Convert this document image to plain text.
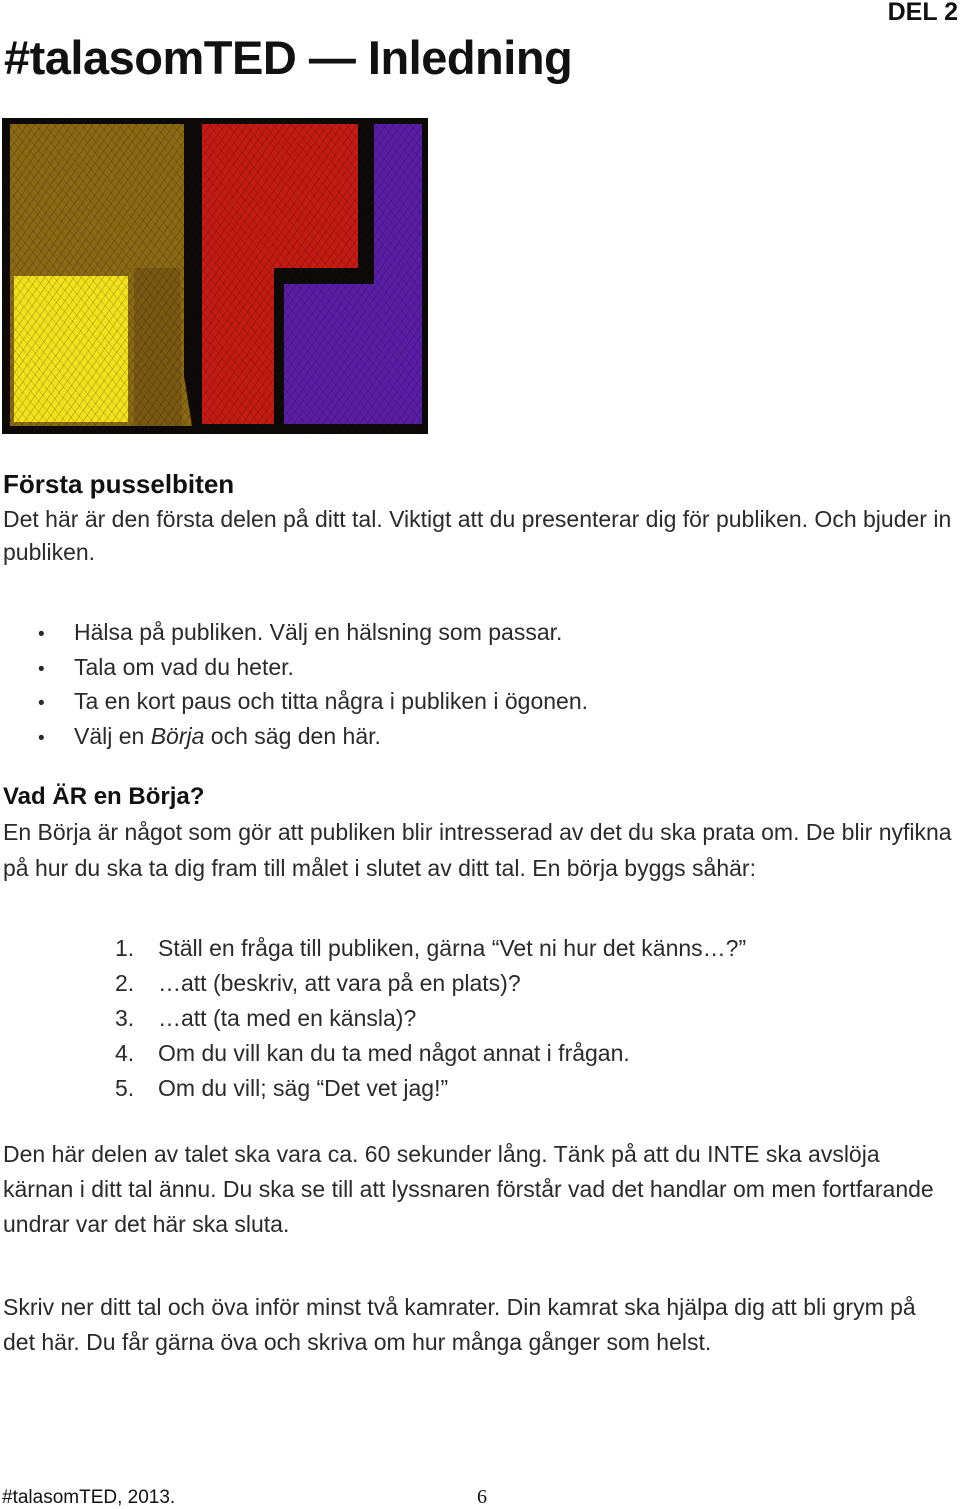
DEL 2
#talasomTED — Inledning
Första pusselbiten
Det här är den första delen på ditt tal. Viktigt att du presenterar dig för publiken. Och bjuder in publiken.
• Hälsa på publiken. Välj en hälsning som passar.
• Tala om vad du heter.
• Ta en kort paus och titta några i publiken i ögonen.
• Välj en Börja och säg den här.
Vad ÄR en Börja?
En Börja är något som gör att publiken blir intresserad av det du ska prata om. De blir nyfikna på hur du ska ta dig fram till målet i slutet av ditt tal. En börja byggs såhär:
1. Ställ en fråga till publiken, gärna “Vet ni hur det känns…?”
2. …att (beskriv, att vara på en plats)?
3. …att (ta med en känsla)?
4. Om du vill kan du ta med något annat i frågan.
5. Om du vill; säg “Det vet jag!”
Den här delen av talet ska vara ca. 60 sekunder lång. Tänk på att du INTE ska avslöja kärnan i ditt tal ännu. Du ska se till att lyssnaren förstår vad det handlar om men fortfarande undrar var det här ska sluta.
Skriv ner ditt tal och öva inför minst två kamrater. Din kamrat ska hjälpa dig att bli grym på det här. Du får gärna öva och skriva om hur många gånger som helst.
#talasomTED, 2013.	6
